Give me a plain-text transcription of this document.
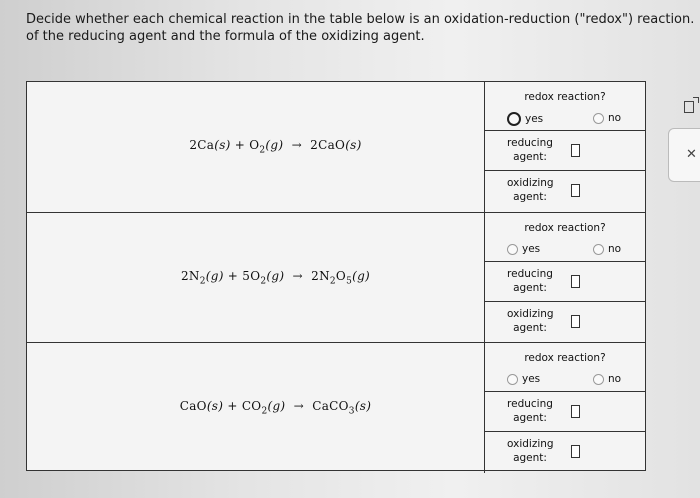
Decide whether each chemical reaction in the table below is an oxidation-reduction ("redox") reaction.
of the reducing agent and the formula of the oxidizing agent.
$2Ca(s) + O_2(g) \to 2CaO(s)$
redox reaction?
yes	no
reducing
agent:
oxidizing
agent:
$2N_2(g) + 5O_2(g) \to 2N_2O_5(g)$
redox reaction?
yes	no
reducing
agent:
oxidizing
agent:
$CaO(s) + CO_2(g)$  →  CaCO$_3$(s)
redox reaction?
yes	no
reducing
agent:
oxidizing
agent:
✕
